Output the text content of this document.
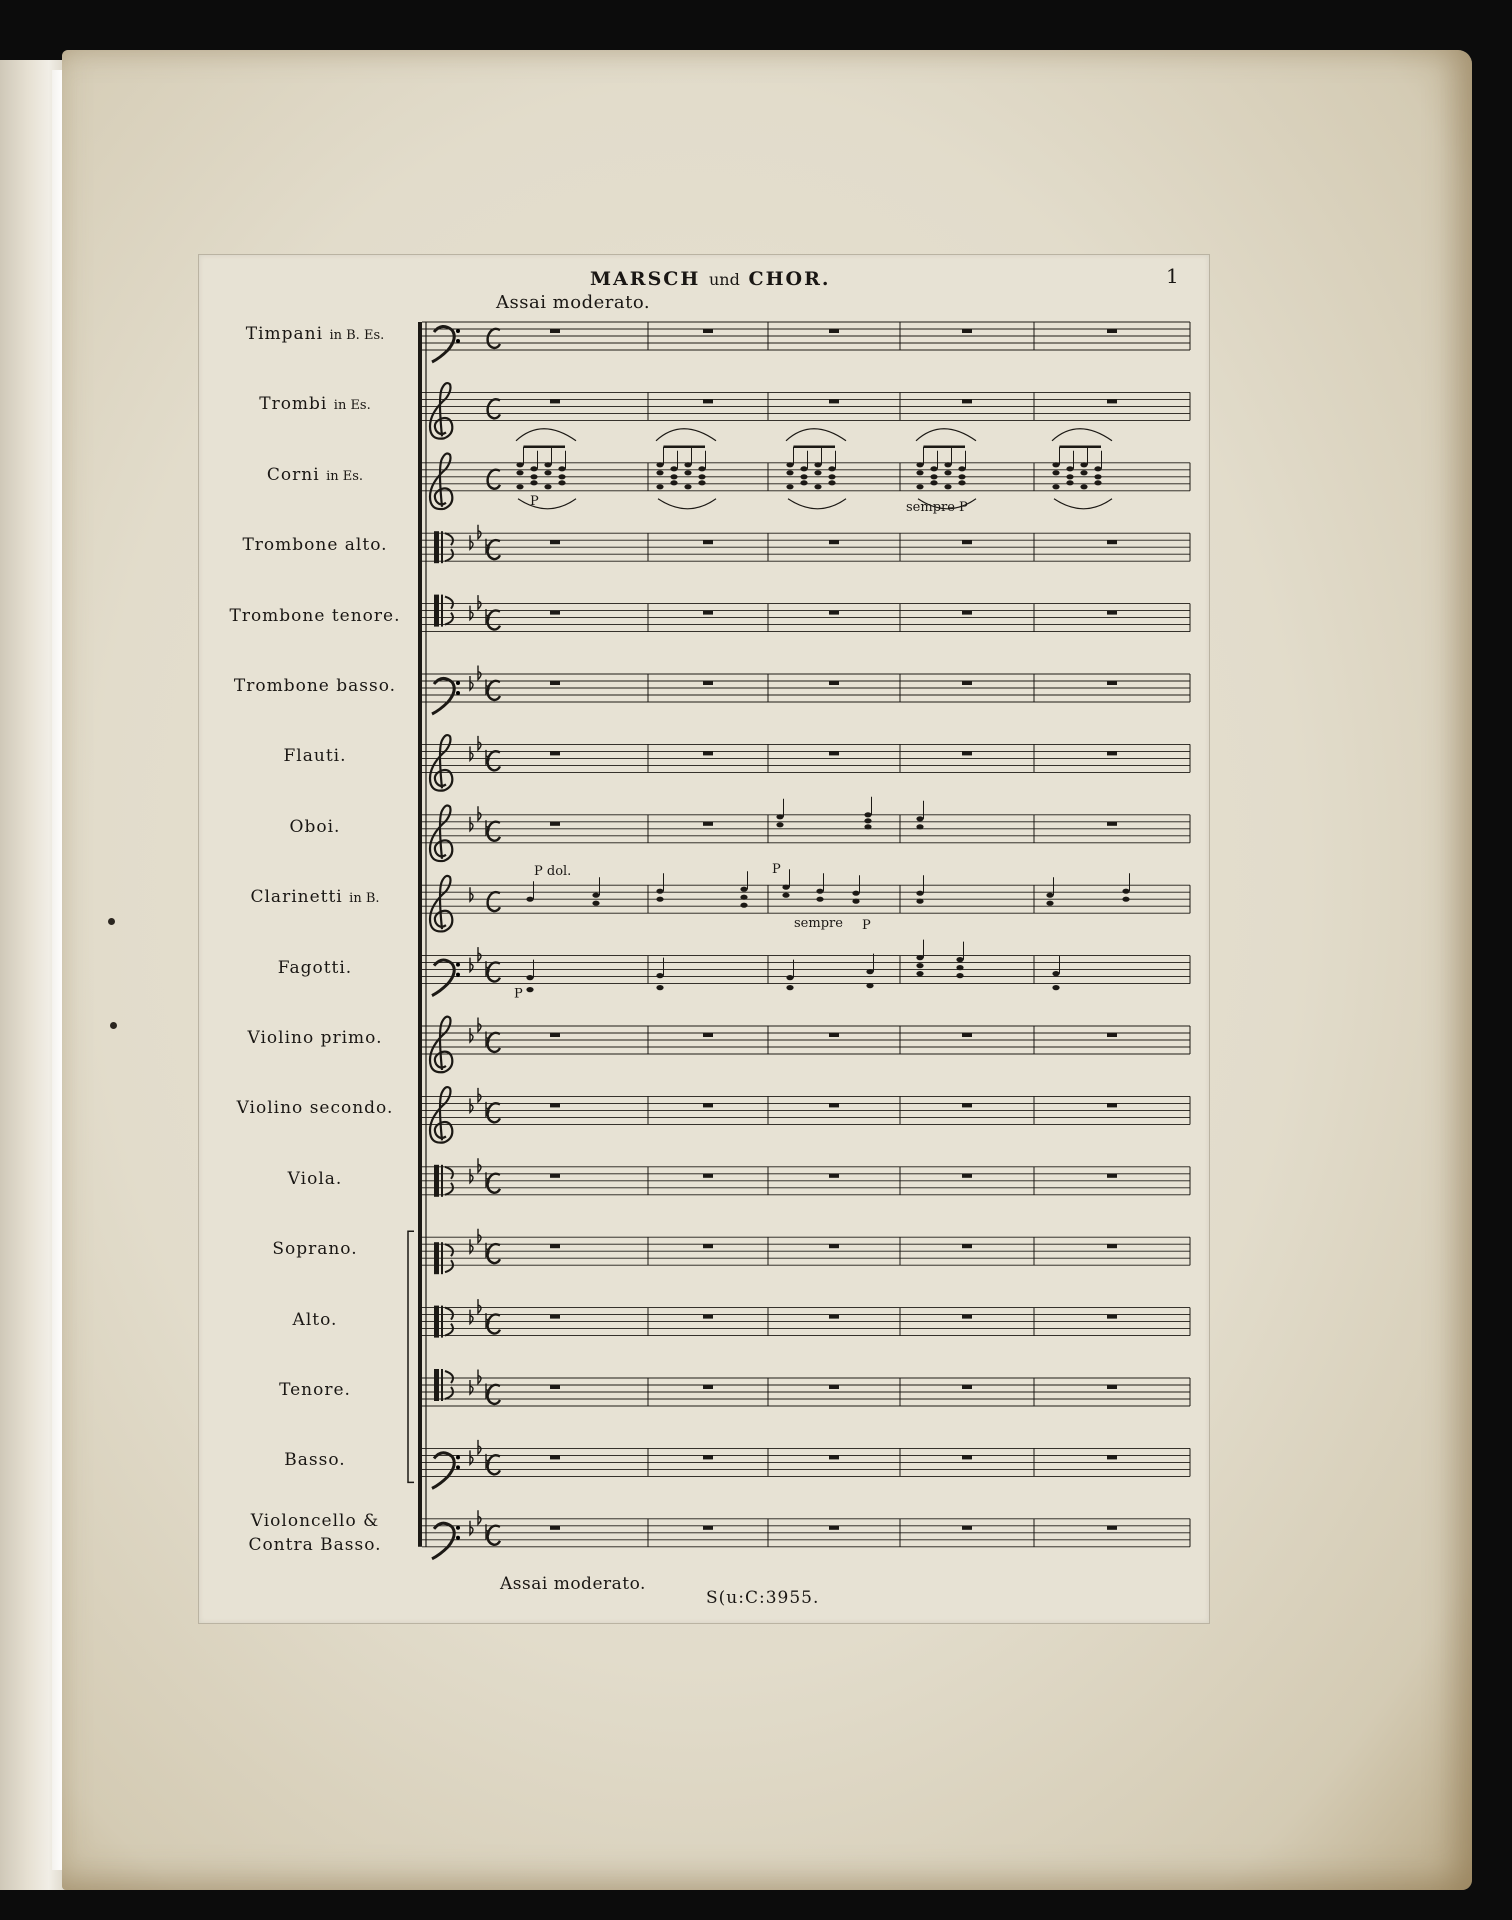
MARSCH und CHOR.	1
Assai moderato.
Timpani in B. Es.
Trombi in Es.
Corni in Es.
Trombone alto.
Trombone tenore.
Trombone basso.
Flauti.
Oboi.
Clarinetti in B.
Fagotti.
Violino primo.
Violino secondo.
Viola.
Soprano.
Alto.
Tenore.
Basso.
Violoncello &
Contra Basso.
P	sempre P
P dol.	P
sempre P
P
Assai moderato.
S(u:C:3955.
